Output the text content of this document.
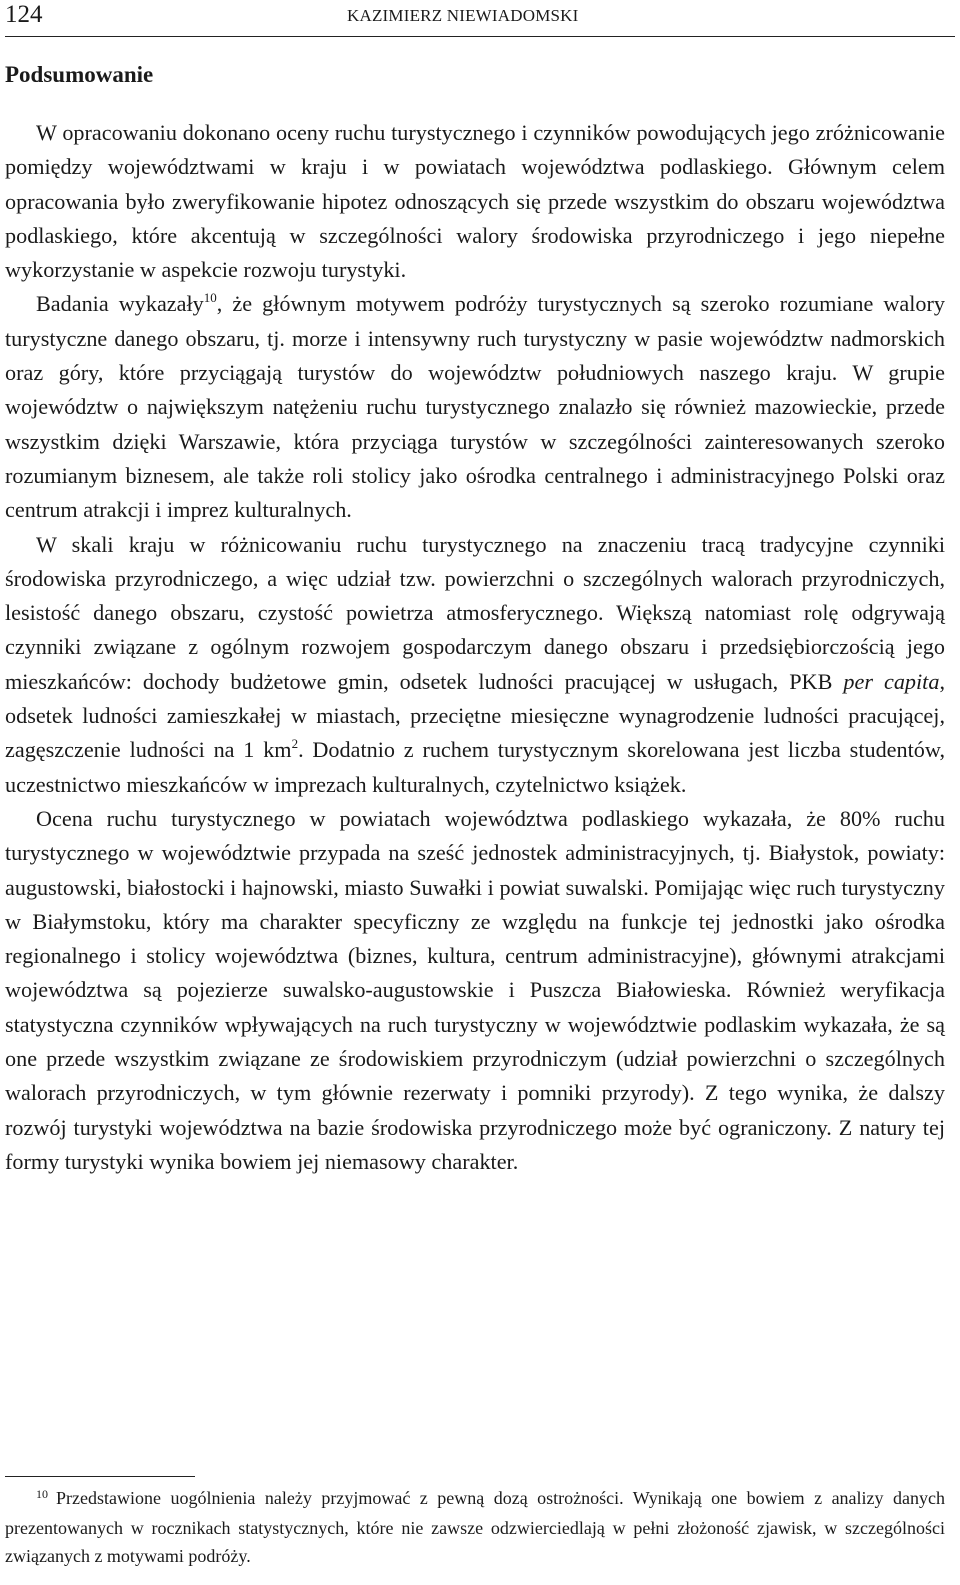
124	KAZIMIERZ NIEWIADOMSKI
Podsumowanie

W opracowaniu dokonano oceny ruchu turystycznego i czynników powodujących jego zróżnicowanie pomiędzy województwami w kraju i w powiatach województwa podlaskiego. Głównym celem opracowania było zweryfikowanie hipotez odnoszących się przede wszystkim do obszaru województwa podlaskiego, które akcentują w szczególności walory środowiska przyrodniczego i jego niepełne wykorzystanie w aspekcie rozwoju turystyki.

Badania wykazały$^{10}$, że głównym motywem podróży turystycznych są szeroko rozumiane walory turystyczne danego obszaru, tj. morze i intensywny ruch turystyczny w pasie województw nadmorskich oraz góry, które przyciągają turystów do województw południowych naszego kraju. W grupie województw o największym natężeniu ruchu turystycznego znalazło się również mazowieckie, przede wszystkim dzięki Warszawie, która przyciąga turystów w szczególności zainteresowanych szeroko rozumianym biznesem, ale także roli stolicy jako ośrodka centralnego i administracyjnego Polski oraz centrum atrakcji i imprez kulturalnych.

W skali kraju w różnicowaniu ruchu turystycznego na znaczeniu tracą tradycyjne czynniki środowiska przyrodniczego, a więc udział tzw. powierzchni o szczególnych walorach przyrodniczych, lesistość danego obszaru, czystość powietrza atmosferycznego. Większą natomiast rolę odgrywają czynniki związane z ogólnym rozwojem gospodarczym danego obszaru i przedsiębiorczością jego mieszkańców: dochody budżetowe gmin, odsetek ludności pracującej w usługach, PKB per capita, odsetek ludności zamieszkałej w miastach, przeciętne miesięczne wynagrodzenie ludności pracującej, zagęszczenie ludności na 1 $km^2$. Dodatnio z ruchem turystycznym skorelowana jest liczba studentów, uczestnictwo mieszkańców w imprezach kulturalnych, czytelnictwo książek.

Ocena ruchu turystycznego w powiatach województwa podlaskiego wykazała, że 80% ruchu turystycznego w województwie przypada na sześć jednostek administracyjnych, tj. Białystok, powiaty: augustowski, białostocki i hajnowski, miasto Suwałki i powiat suwalski. Pomijając więc ruch turystyczny w Białymstoku, który ma charakter specyficzny ze względu na funkcje tej jednostki jako ośrodka regionalnego i stolicy województwa (biznes, kultura, centrum administracyjne), głównymi atrakcjami województwa są pojezierze suwalsko-augustowskie i Puszcza Białowieska. Również weryfikacja statystyczna czynników wpływających na ruch turystyczny w województwie podlaskim wykazała, że są one przede wszystkim związane ze środowiskiem przyrodniczym (udział powierzchni o szczególnych walorach przyrodniczych, w tym głównie rezerwaty i pomniki przyrody). Z tego wynika, że dalszy rozwój turystyki województwa na bazie środowiska przyrodniczego może być ograniczony. Z natury tej formy turystyki wynika bowiem jej niemasowy charakter.

$^{10}$ Przedstawione uogólnienia należy przyjmować z pewną dozą ostrożności. Wynikają one bowiem z analizy danych prezentowanych w rocznikach statystycznych, które nie zawsze odzwierciedlają w pełni złożoność zjawisk, w szczególności związanych z motywami podróży.
